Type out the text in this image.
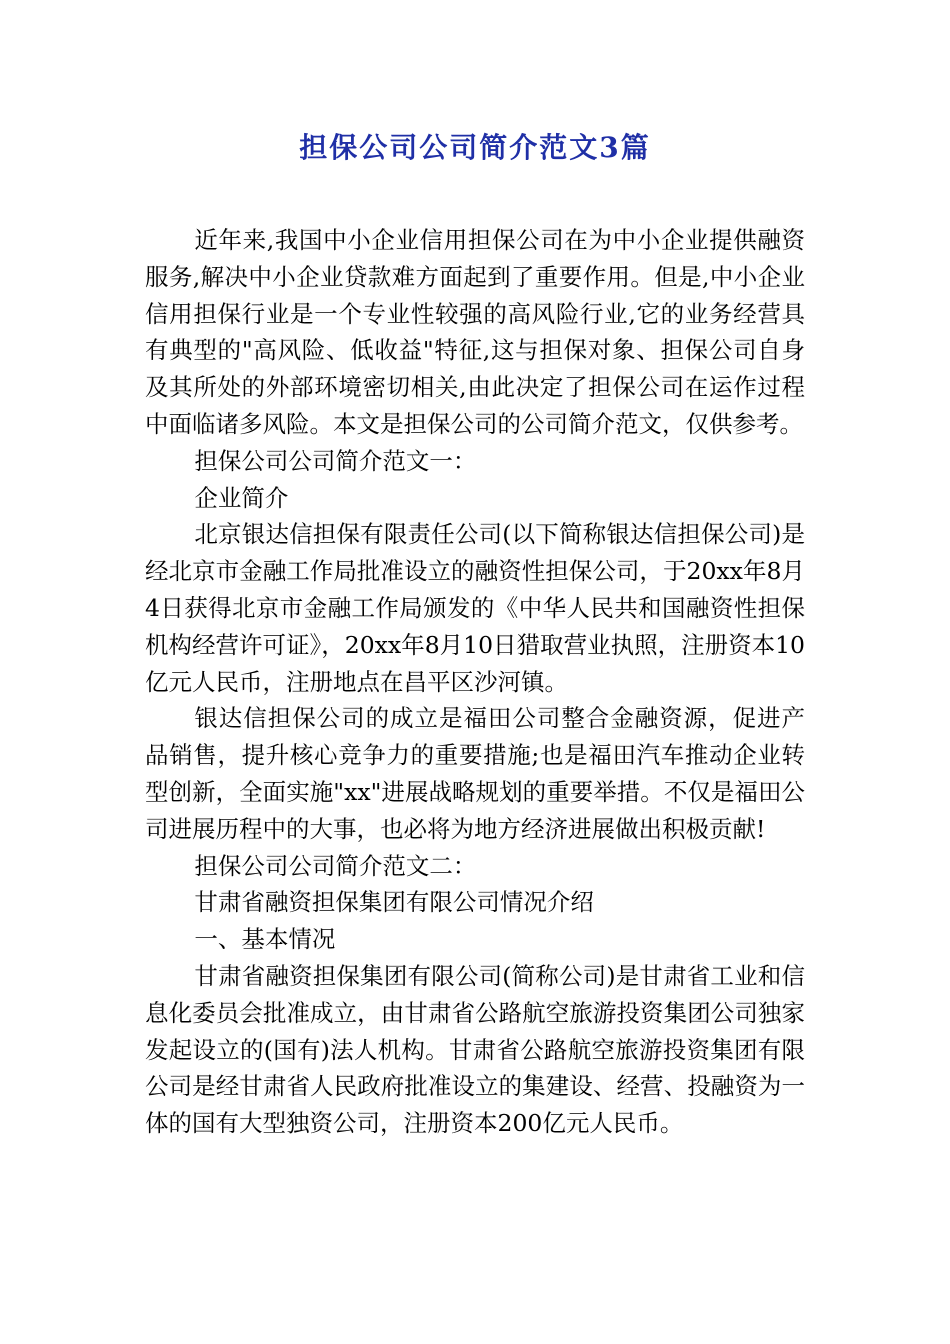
担保公司公司简介范文3篇

近年来,我国中小企业信用担保公司在为中小企业提供融资服务,解决中小企业贷款难方面起到了重要作用。但是,中小企业信用担保行业是一个专业性较强的高风险行业,它的业务经营具有典型的"高风险、低收益"特征,这与担保对象、担保公司自身及其所处的外部环境密切相关,由此决定了担保公司在运作过程中面临诸多风险。本文是担保公司的公司简介范文，仅供参考。

担保公司公司简介范文一：

企业简介

北京银达信担保有限责任公司(以下简称银达信担保公司)是经北京市金融工作局批准设立的融资性担保公司，于20xx年8月4日获得北京市金融工作局颁发的《中华人民共和国融资性担保机构经营许可证》，20xx年8月10日猎取营业执照，注册资本10亿元人民币，注册地点在昌平区沙河镇。

银达信担保公司的成立是福田公司整合金融资源，促进产品销售，提升核心竞争力的重要措施;也是福田汽车推动企业转型创新，全面实施"xx"进展战略规划的重要举措。不仅是福田公司进展历程中的大事，也必将为地方经济进展做出积极贡献!

担保公司公司简介范文二：

甘肃省融资担保集团有限公司情况介绍

一、基本情况

甘肃省融资担保集团有限公司(简称公司)是甘肃省工业和信息化委员会批准成立，由甘肃省公路航空旅游投资集团公司独家发起设立的(国有)法人机构。甘肃省公路航空旅游投资集团有限公司是经甘肃省人民政府批准设立的集建设、经营、投融资为一体的国有大型独资公司，注册资本200亿元人民币。
